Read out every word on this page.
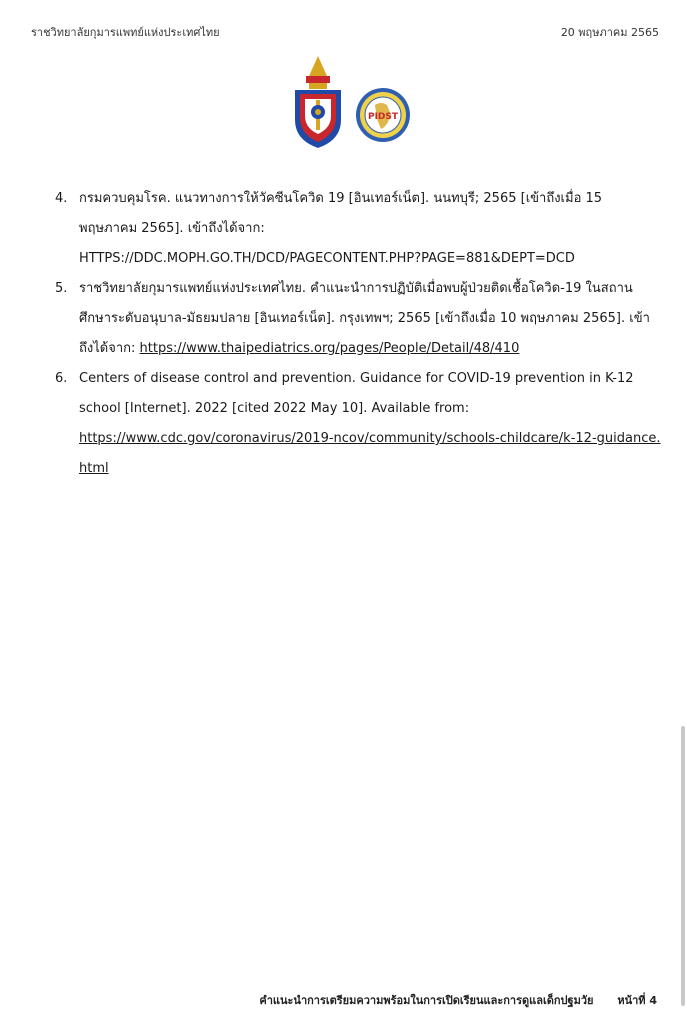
ราชวิทยาลัยกุมารแพทย์แห่งประเทศไทย	20 พฤษภาคม 2565
PIDST
4. กรมควบคุมโรค. แนวทางการให้วัคซีนโควิด 19 [อินเทอร์เน็ต]. นนทบุรี; 2565 [เข้าถึงเมื่อ 15 พฤษภาคม 2565]. เข้าถึงได้จาก:
HTTPS://DDC.MOPH.GO.TH/DCD/PAGECONTENT.PHP?PAGE=881&DEPT=DCD
5. ราชวิทยาลัยกุมารแพทย์แห่งประเทศไทย. คำแนะนำการปฏิบัติเมื่อพบผู้ป่วยติดเชื้อโควิด-19 ในสถานศึกษาระดับอนุบาล-มัธยมปลาย [อินเทอร์เน็ต]. กรุงเทพฯ; 2565 [เข้าถึงเมื่อ 10 พฤษภาคม 2565]. เข้าถึงได้จาก: https://www.thaipediatrics.org/pages/People/Detail/48/410
6. Centers of disease control and prevention. Guidance for COVID-19 prevention in K-12 school [Internet]. 2022 [cited 2022 May 10]. Available from:
https://www.cdc.gov/coronavirus/2019-ncov/community/schools-childcare/k-12-guidance.html
คำแนะนำการเตรียมความพร้อมในการเปิดเรียนและการดูแลเด็กปฐมวัย หน้าที่ 4
